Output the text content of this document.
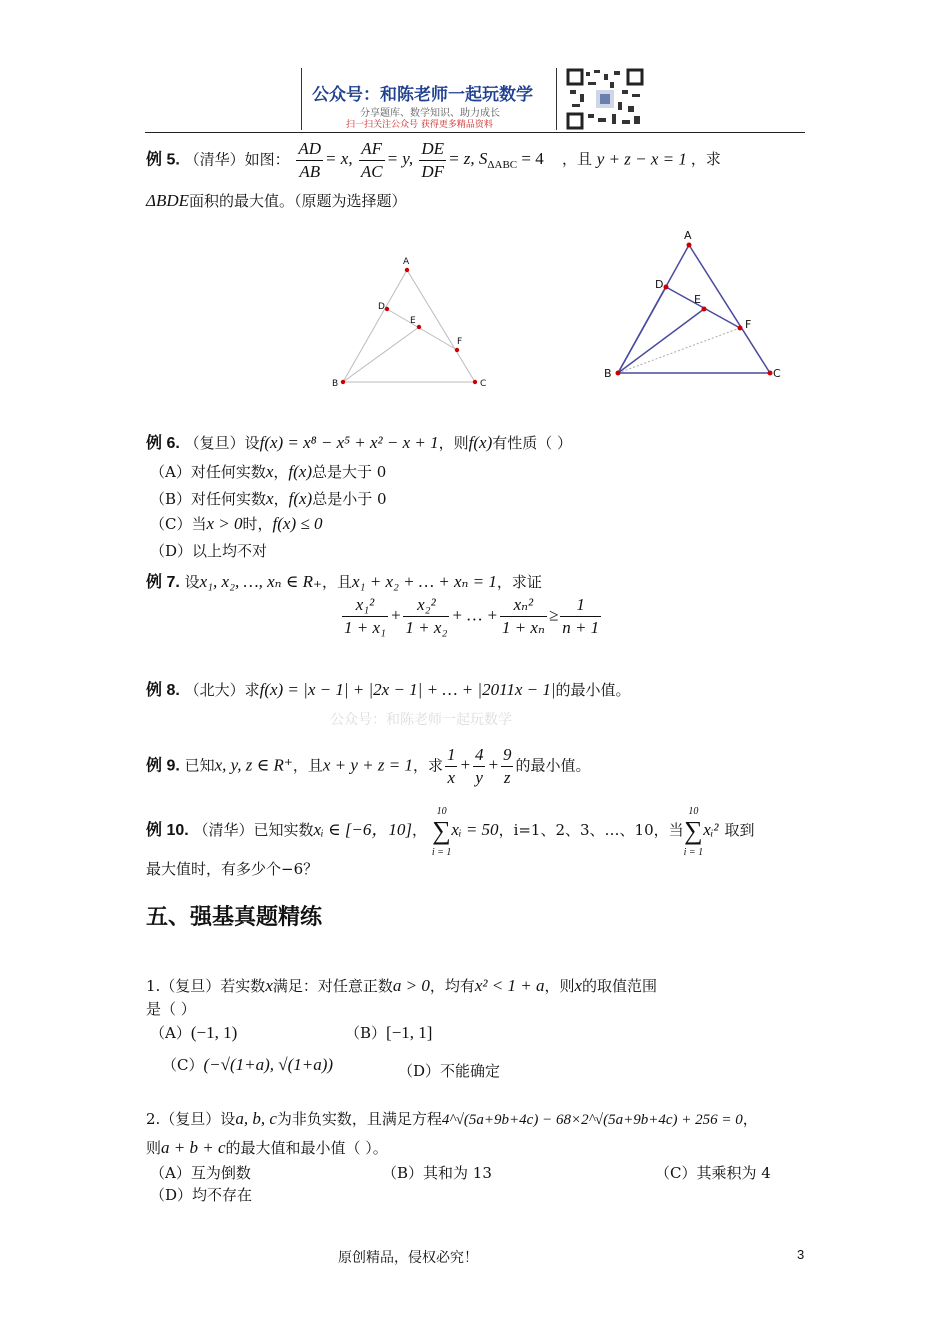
公众号：和陈老师一起玩数学
分享题库、数学知识、助力成长
扫一扫关注公众号 获得更多精品资料
例 5. （清华）如图： $\frac{AD}{AB} = x$, $\frac{AF}{AC} = y$, $\frac{DE}{DF} = z$, $S_{\Delta ABC} = 4$ ，且 y + z − x = 1 ，求
ΔBDE面积的最大值。（原题为选择题）
A
B	C
D
E
F
A
B	C
D
E
F
例 6. （复旦）设f(x) = x⁸ − x⁵ + x² − x + 1，则f(x)有性质（ ）
（A）对任何实数x，f(x)总是大于 0
（B）对任何实数x，f(x)总是小于 0
（C）当x > 0时，f(x) ≤ 0
（D）以上均不对
例 7. 设x₁, x₂, …, xₙ ∈ R₊，且x₁ + x₂ + … + xₙ = 1，求证
$\frac{\text{x₁²}}{\text{1 + x₁}} + \frac{\text{x₂²}}{\text{1 + x₂}}$ + … + $\frac{\text{xₙ²}}{\text{1 + xₙ}} \ge \frac{1}{n + 1}$
例 8. （北大）求f(x) = |x − 1| + |2x − 1| + … + |2011x − 1|的最小值。
公众号：和陈老师一起玩数学
例 9. 已知x, y, z ∈ R⁺，且x + y + z = 1，求 $\frac{1}{x} + \frac{4}{y} + \frac{9}{z}$ 的最小值。
例 10. （清华）已知实数xᵢ ∈ [−6，10]， 10
∑
i = 1xᵢ = 50，i=1、2、3、…、10，当10
∑
i = 1xᵢ² 取到
最大值时，有多少个−6？
五、强基真题精练
1.（复旦）若实数x满足：对任意正数a > 0，均有x² < 1 + a，则x的取值范围
是（ ）
（A）(−1, 1)	（B）[−1, 1]
（C）(−√(1+a), √(1+a))	（D）不能确定
2.（复旦）设a, b, c为非负实数，且满足方程4^√(5a+9b+4c) − 68×2^√(5a+9b+4c) + 256 = 0，
则a + b + c的最大值和最小值（ ）。
（A）互为倒数	（B）其和为 13	（C）其乘积为 4
（D）均不存在
原创精品，侵权必究！	3
